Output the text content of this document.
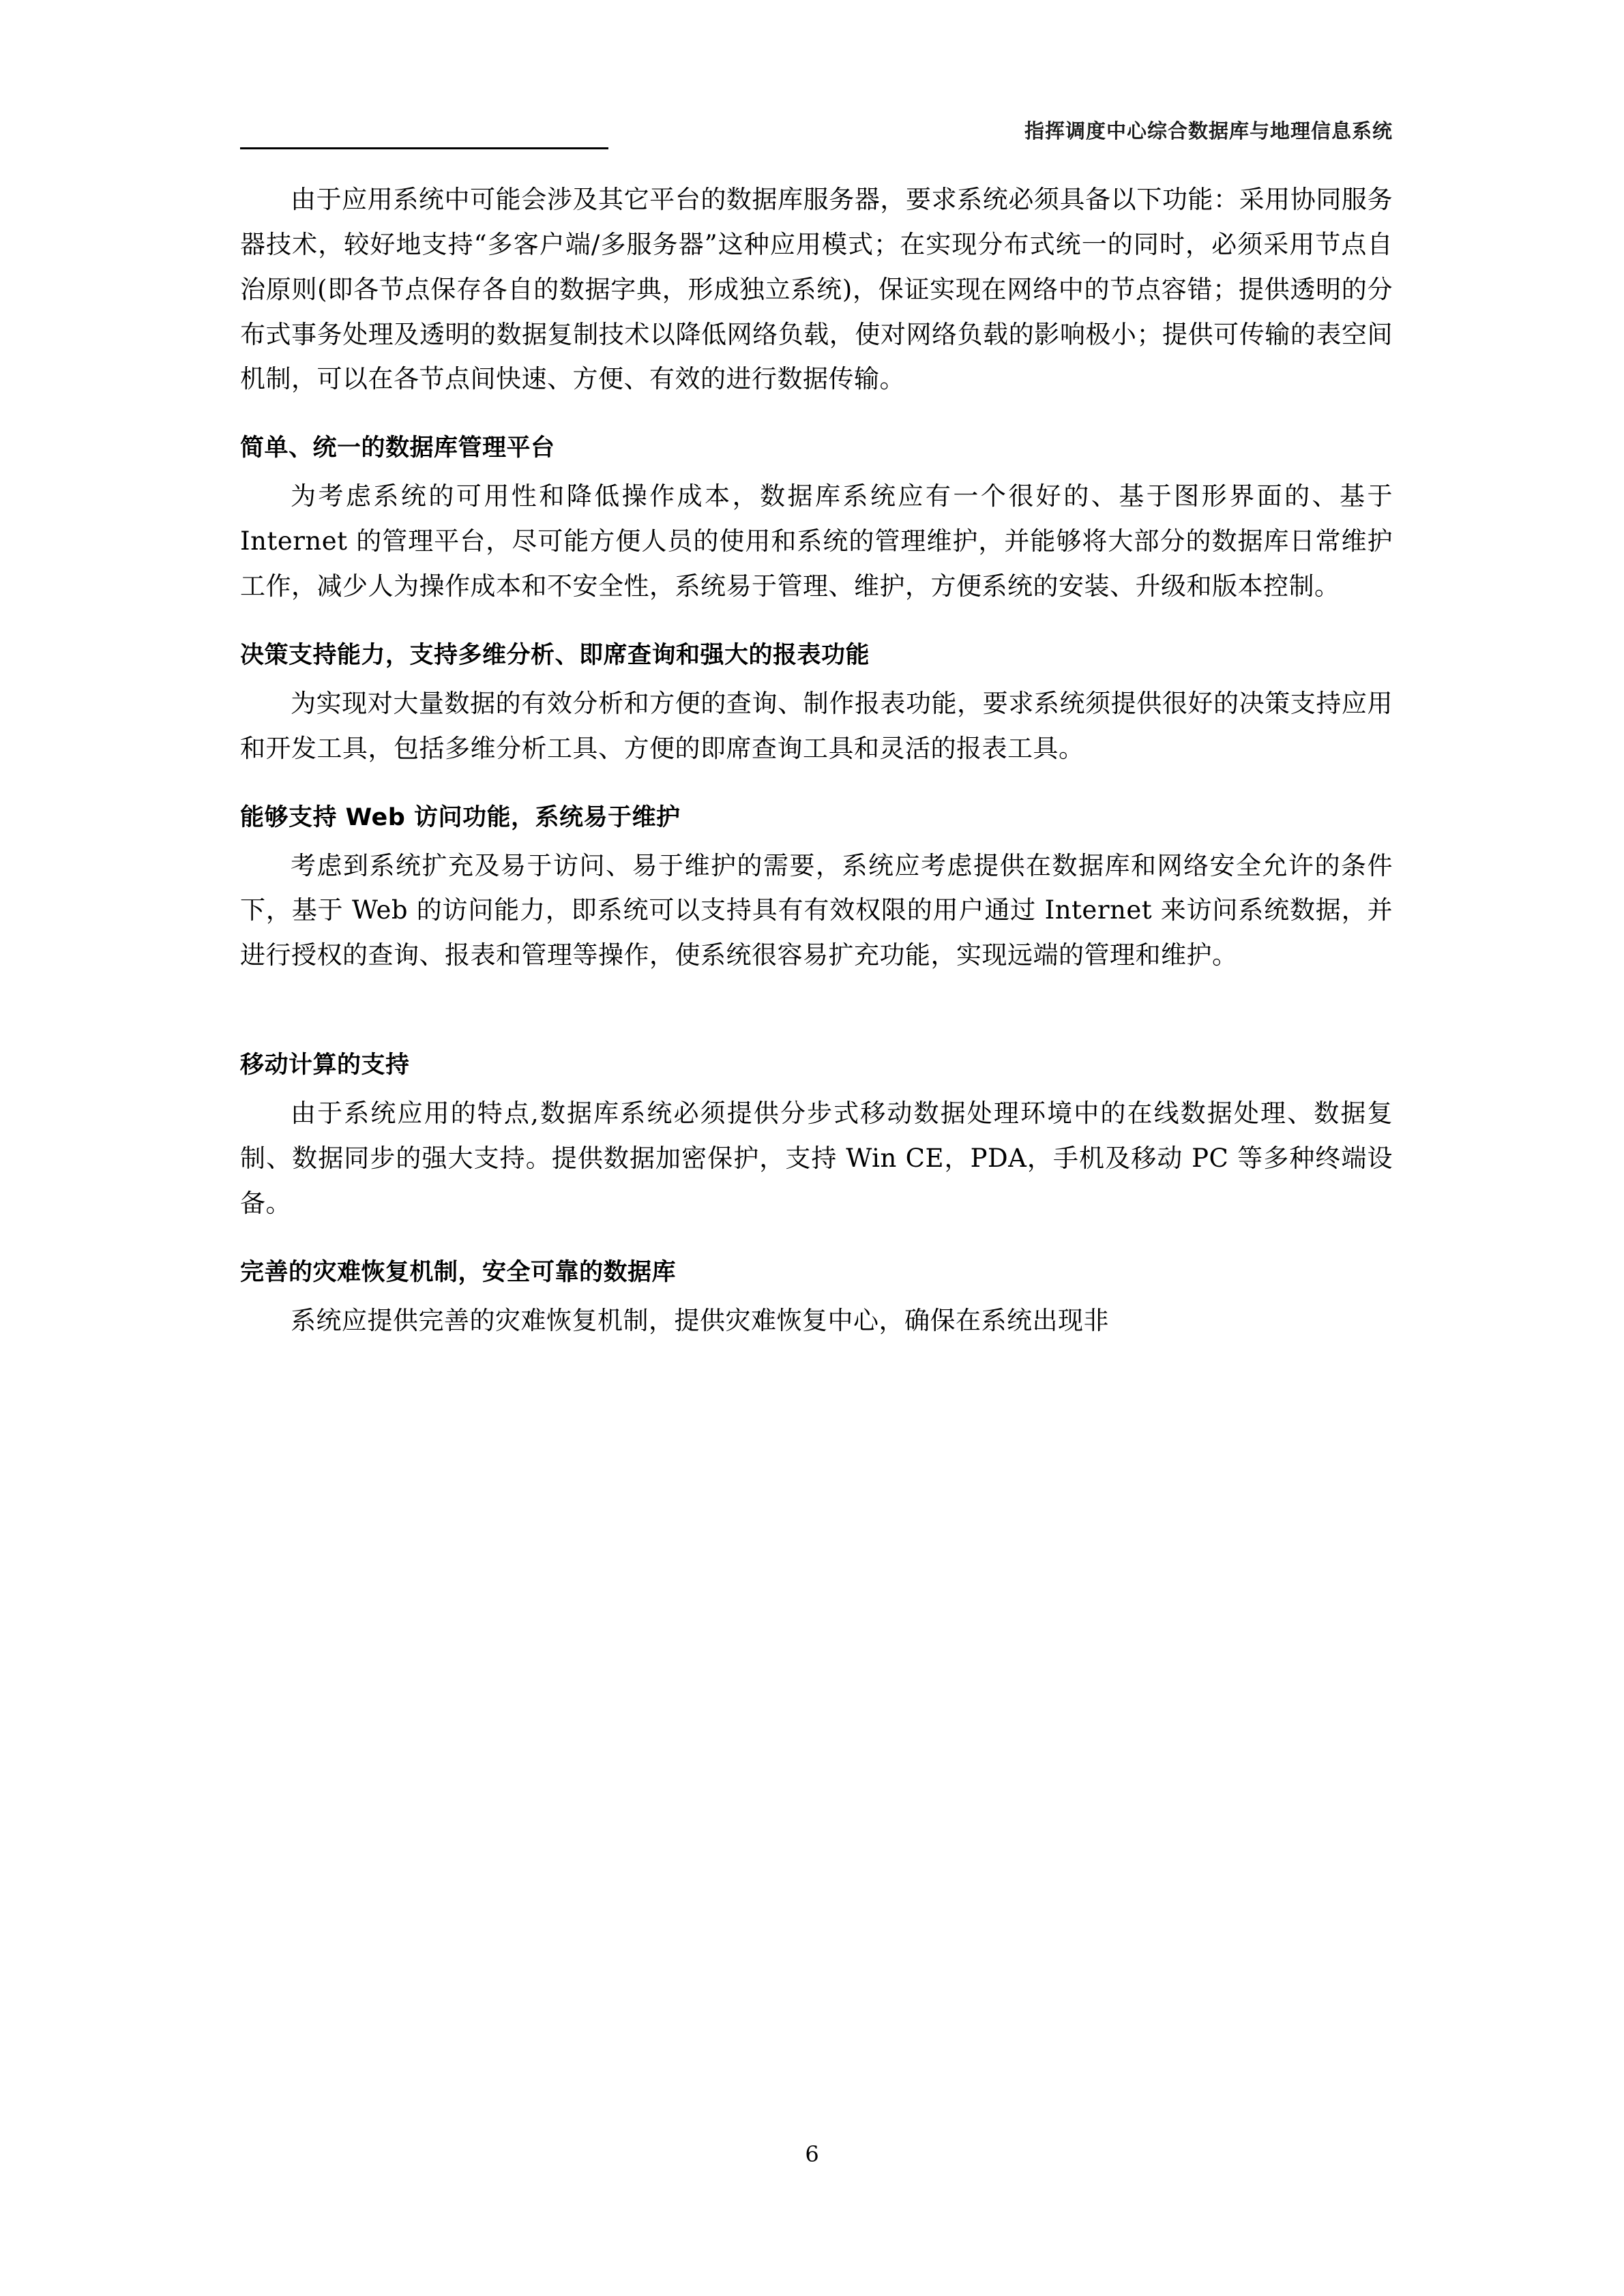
指挥调度中心综合数据库与地理信息系统

由于应用系统中可能会涉及其它平台的数据库服务器，要求系统必须具备以下功能：采用协同服务器技术，较好地支持“多客户端/多服务器”这种应用模式；在实现分布式统一的同时，必须采用节点自治原则(即各节点保存各自的数据字典，形成独立系统)，保证实现在网络中的节点容错；提供透明的分布式事务处理及透明的数据复制技术以降低网络负载，使对网络负载的影响极小；提供可传输的表空间机制，可以在各节点间快速、方便、有效的进行数据传输。

简单、统一的数据库管理平台

为考虑系统的可用性和降低操作成本，数据库系统应有一个很好的、基于图形界面的、基于 Internet 的管理平台，尽可能方便人员的使用和系统的管理维护，并能够将大部分的数据库日常维护工作，减少人为操作成本和不安全性，系统易于管理、维护，方便系统的安装、升级和版本控制。

决策支持能力，支持多维分析、即席查询和强大的报表功能

为实现对大量数据的有效分析和方便的查询、制作报表功能，要求系统须提供很好的决策支持应用和开发工具，包括多维分析工具、方便的即席查询工具和灵活的报表工具。

能够支持 Web 访问功能，系统易于维护

考虑到系统扩充及易于访问、易于维护的需要，系统应考虑提供在数据库和网络安全允许的条件下，基于 Web 的访问能力，即系统可以支持具有有效权限的用户通过 Internet 来访问系统数据，并进行授权的查询、报表和管理等操作，使系统很容易扩充功能，实现远端的管理和维护。

移动计算的支持

由于系统应用的特点,数据库系统必须提供分步式移动数据处理环境中的在线数据处理、数据复制、数据同步的强大支持。提供数据加密保护，支持 Win CE，PDA，手机及移动 PC 等多种终端设备。

完善的灾难恢复机制，安全可靠的数据库

系统应提供完善的灾难恢复机制，提供灾难恢复中心，确保在系统出现非

6
